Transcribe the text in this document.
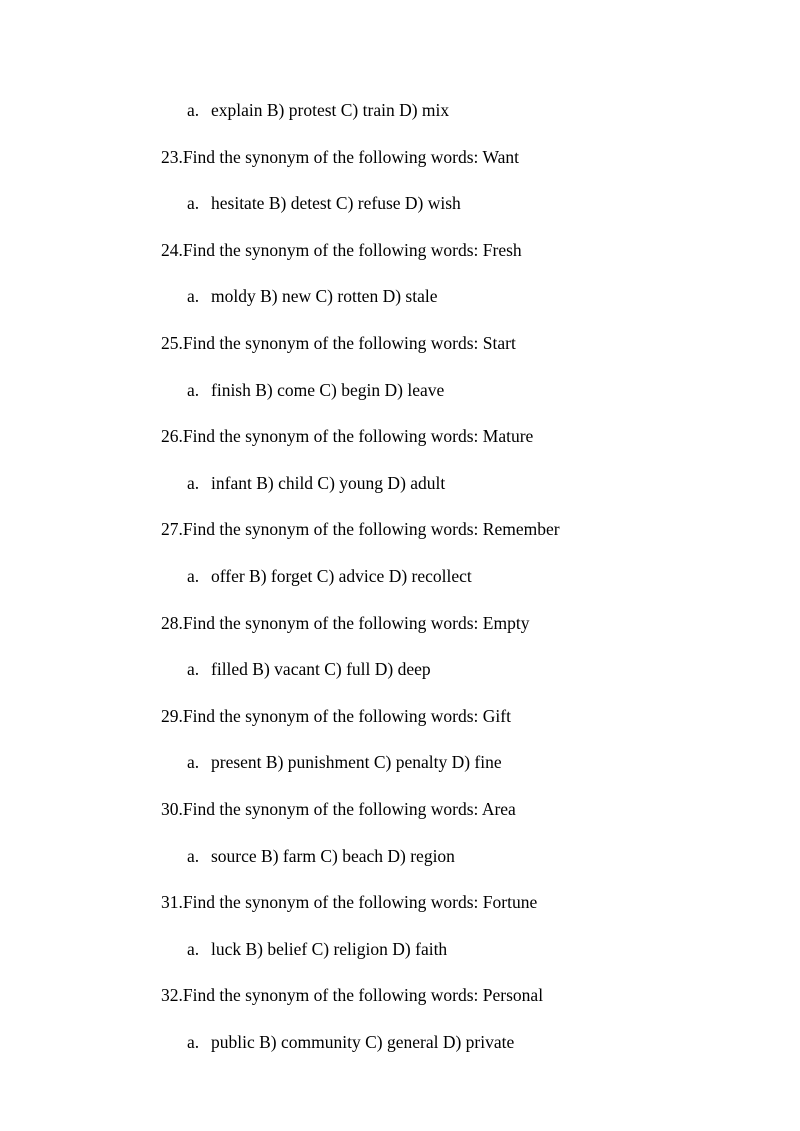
a. explain B) protest C) train D) mix
23.Find the synonym of the following words: Want
a. hesitate B) detest C) refuse D) wish
24.Find the synonym of the following words: Fresh
a. moldy B) new C) rotten D) stale
25.Find the synonym of the following words: Start
a. finish B) come C) begin D) leave
26.Find the synonym of the following words: Mature
a. infant B) child C) young D) adult
27.Find the synonym of the following words: Remember
a. offer B) forget C) advice D) recollect
28.Find the synonym of the following words: Empty
a. filled B) vacant C) full D) deep
29.Find the synonym of the following words: Gift
a. present B) punishment C) penalty D) fine
30.Find the synonym of the following words: Area
a. source B) farm C) beach D) region
31.Find the synonym of the following words: Fortune
a. luck B) belief C) religion D) faith
32.Find the synonym of the following words: Personal
a. public B) community C) general D) private
